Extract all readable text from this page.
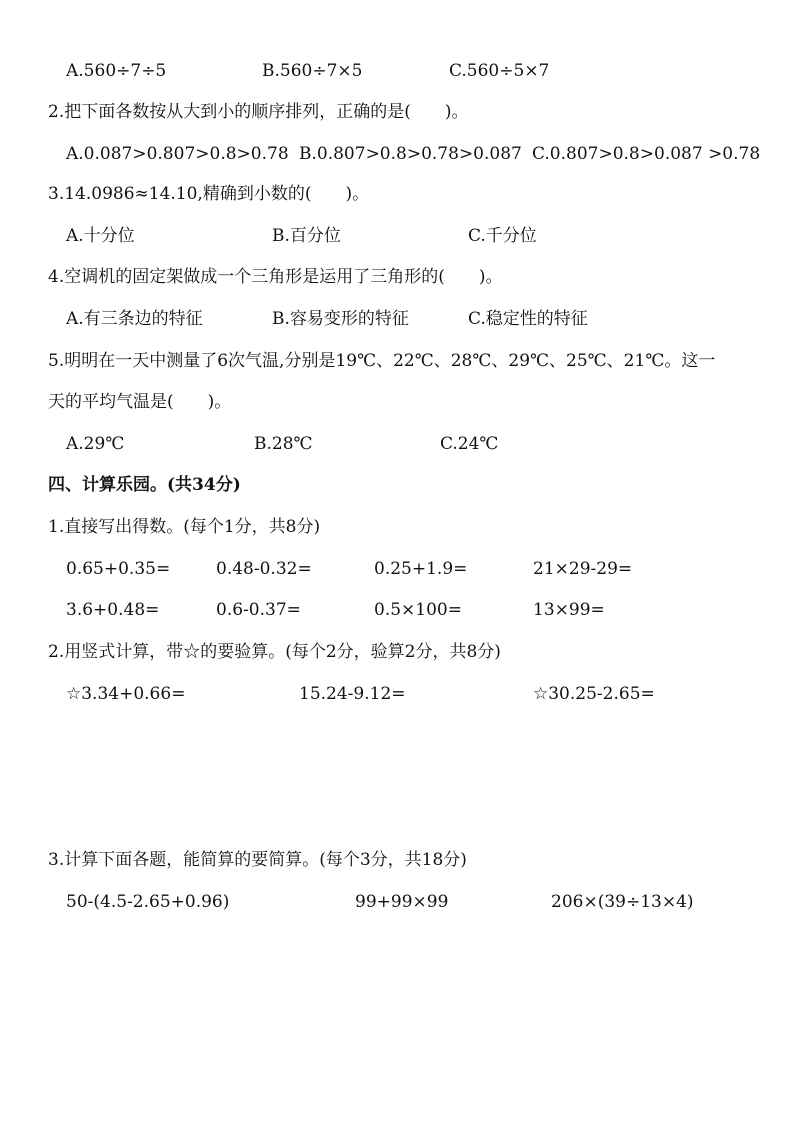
A.560÷7÷5	B.560÷7×5	C.560÷5×7
2.把下面各数按从大到小的顺序排列，正确的是(　　)。
A.0.087>0.807>0.8>0.78 B.0.807>0.8>0.78>0.087 C.0.807>0.8>0.087 >0.78
3.14.0986≈14.10,精确到小数的(　　)。
A.十分位	B.百分位	C.千分位
4.空调机的固定架做成一个三角形是运用了三角形的(　　)。
A.有三条边的特征	B.容易变形的特征	C.稳定性的特征
5.明明在一天中测量了6次气温,分别是19℃、22℃、28℃、29℃、25℃、21℃。这一
天的平均气温是(　　)。
A.29℃	B.28℃	C.24℃
四、计算乐园。(共34分)
1.直接写出得数。(每个1分，共8分)
0.65+0.35=	0.48-0.32=	0.25+1.9=	21×29-29=
3.6+0.48=	0.6-0.37=	0.5×100=	13×99=
2.用竖式计算，带☆的要验算。(每个2分，验算2分，共8分)
☆3.34+0.66=	15.24-9.12=	☆30.25-2.65=
3.计算下面各题，能简算的要简算。(每个3分，共18分)
50-(4.5-2.65+0.96)	99+99×99	206×(39÷13×4)
